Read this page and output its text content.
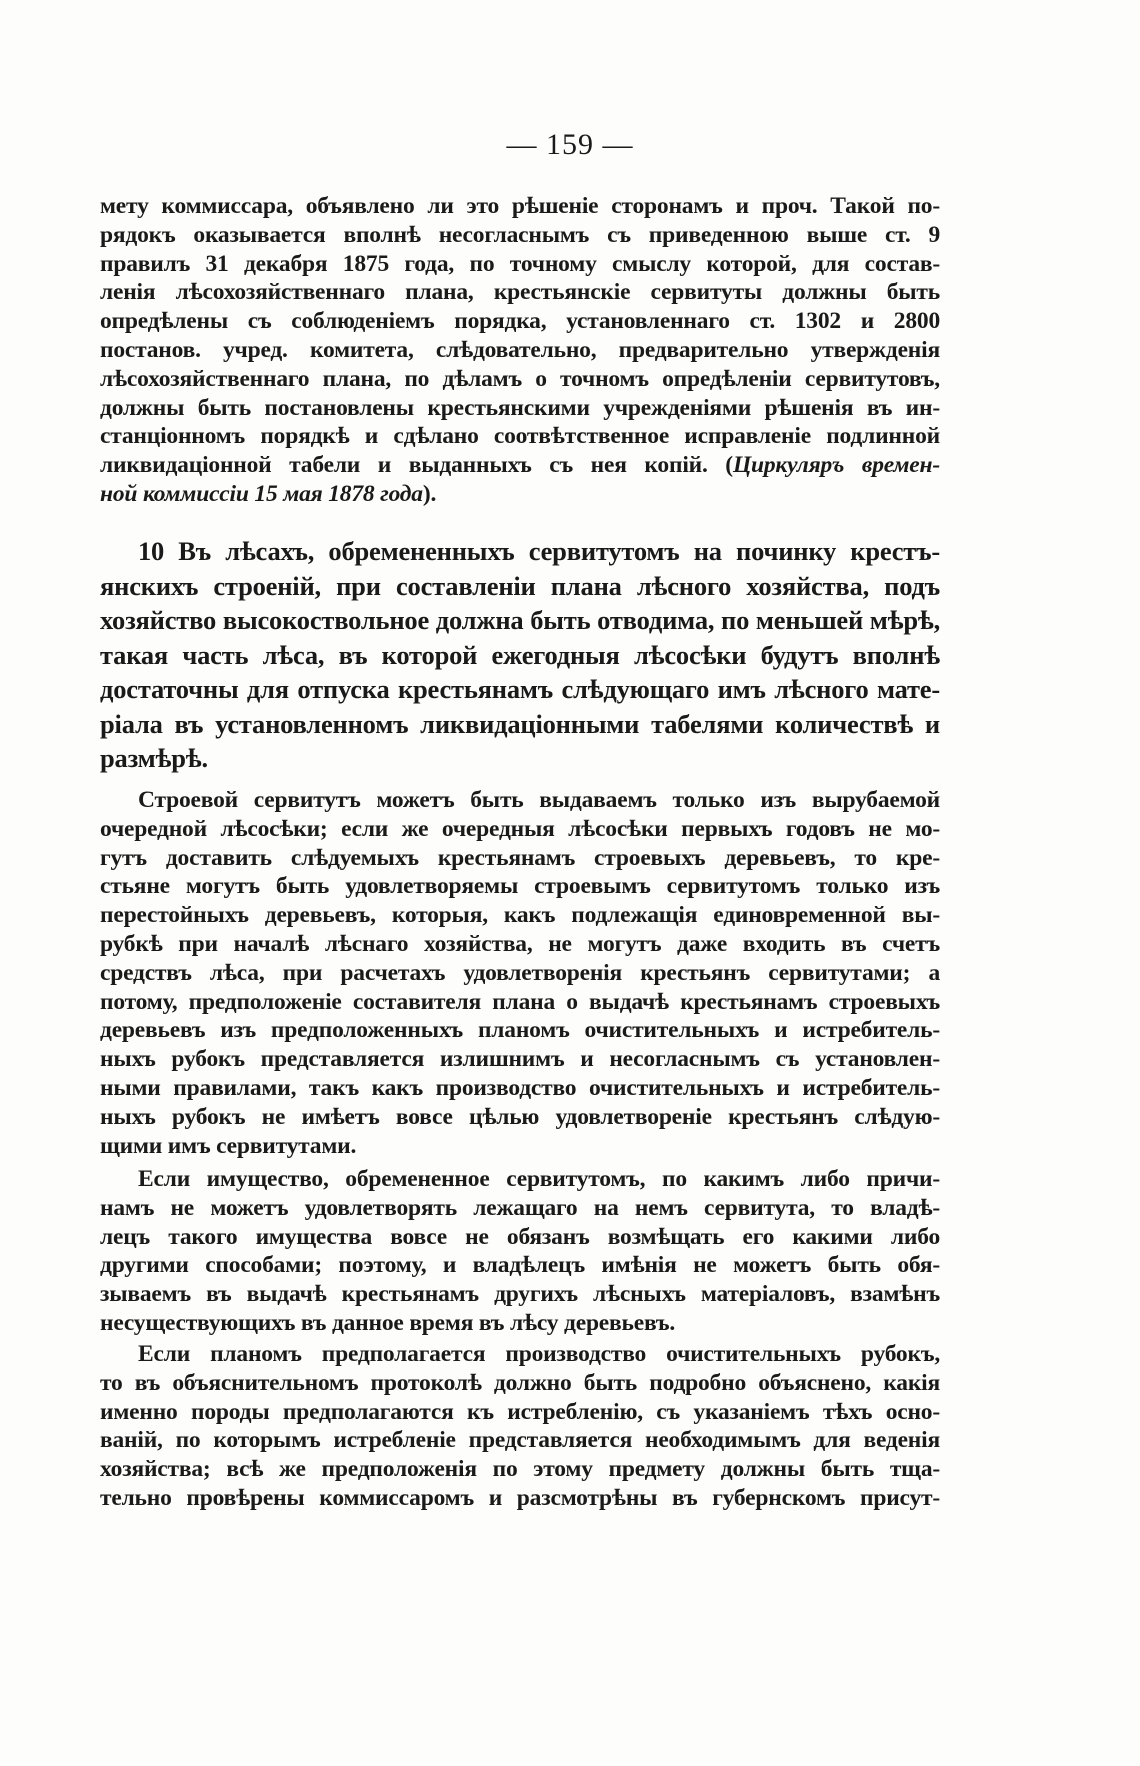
— 159 —
мету коммиссара, объявлено ли это рѣшеніе сторонамъ и проч. Такой по-
рядокъ оказывается вполнѣ несогласнымъ съ приведенною выше ст. 9
правилъ 31 декабря 1875 года, по точному смыслу которой, для состав-
ленія лѣсохозяйственнаго плана, крестьянскіе сервитуты должны быть
опредѣлены съ соблюденіемъ порядка, установленнаго ст. 1302 и 2800
постанов. учред. комитета, слѣдовательно, предварительно утвержденія
лѣсохозяйственнаго плана, по дѣламъ о точномъ опредѣленіи сервитутовъ,
должны быть постановлены крестьянскими учрежденіями рѣшенія въ ин-
станціонномъ порядкѣ и сдѣлано соотвѣтственное исправленіе подлинной
ликвидаціонной табели и выданныхъ съ нея копій. (Циркуляръ времен-
ной коммиссіи 15 мая 1878 года).
10 Въ лѣсахъ, обремененныхъ сервитутомъ на починку крестъ-
янскихъ строеній, при составленіи плана лѣсного хозяйства, подъ
хозяйство высокоствольное должна быть отводима, по меньшей мѣрѣ,
такая часть лѣса, въ которой ежегодныя лѣсосѣки будутъ вполнѣ
достаточны для отпуска крестьянамъ слѣдующаго имъ лѣсного мате-
ріала въ установленномъ ликвидаціонными табелями количествѣ и
размѣрѣ.
Строевой сервитутъ можетъ быть выдаваемъ только изъ вырубаемой
очередной лѣсосѣки; если же очередныя лѣсосѣки первыхъ годовъ не мо-
гутъ доставить слѣдуемыхъ крестьянамъ строевыхъ деревьевъ, то кре-
стьяне могутъ быть удовлетворяемы строевымъ сервитутомъ только изъ
перестойныхъ деревьевъ, которыя, какъ подлежащія единовременной вы-
рубкѣ при началѣ лѣснаго хозяйства, не могутъ даже входить въ счетъ
средствъ лѣса, при расчетахъ удовлетворенія крестьянъ сервитутами; а
потому, предположеніе составителя плана о выдачѣ крестьянамъ строевыхъ
деревьевъ изъ предположенныхъ планомъ очистительныхъ и истребитель-
ныхъ рубокъ представляется излишнимъ и несогласнымъ съ установлен-
ными правилами, такъ какъ производство очистительныхъ и истребитель-
ныхъ рубокъ не имѣетъ вовсе цѣлью удовлетвореніе крестьянъ слѣдую-
щими имъ сервитутами.
Если имущество, обремененное сервитутомъ, по какимъ либо причи-
намъ не можетъ удовлетворять лежащаго на немъ сервитута, то владѣ-
лецъ такого имущества вовсе не обязанъ возмѣщать его какими либо
другими способами; поэтому, и владѣлецъ имѣнія не можетъ быть обя-
зываемъ въ выдачѣ крестьянамъ другихъ лѣсныхъ матеріаловъ, взамѣнъ
несуществующихъ въ данное время въ лѣсу деревьевъ.
Если планомъ предполагается производство очистительныхъ рубокъ,
то въ объяснительномъ протоколѣ должно быть подробно объяснено, какія
именно породы предполагаются къ истребленію, съ указаніемъ тѣхъ осно-
ваній, по которымъ истребленіе представляется необходимымъ для веденія
хозяйства; всѣ же предположенія по этому предмету должны быть тща-
тельно провѣрены коммиссаромъ и разсмотрѣны въ губернскомъ присут-
